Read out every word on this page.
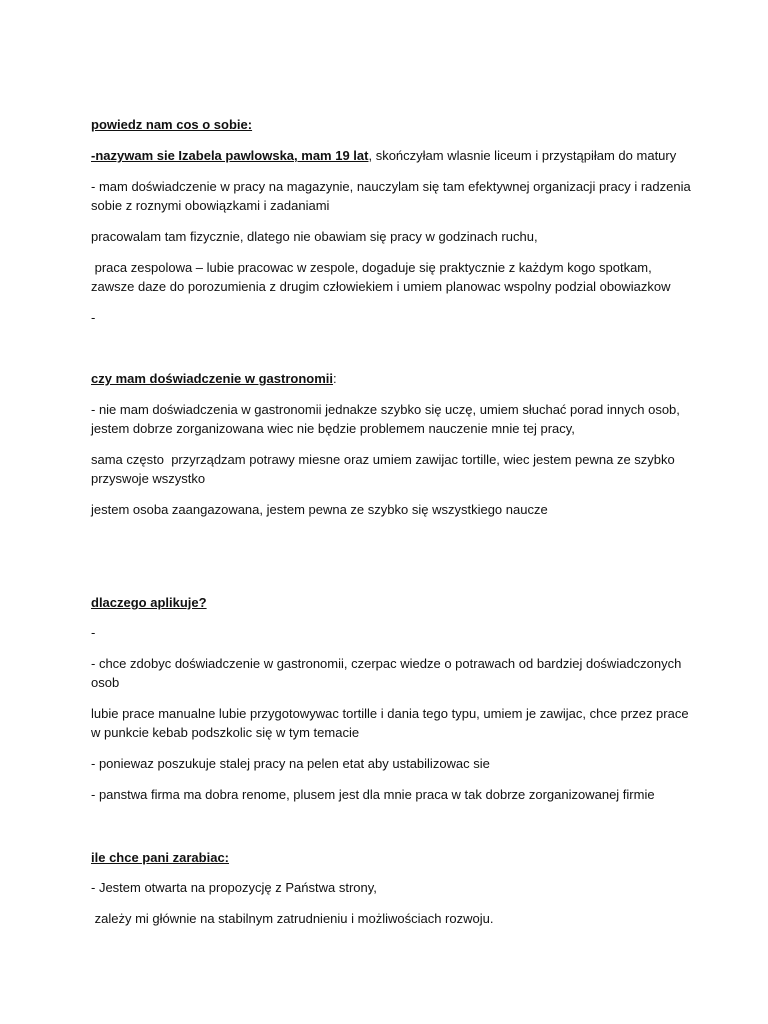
powiedz nam cos o sobie:

-nazywam sie Izabela pawlowska, mam 19 lat, skończyłam wlasnie liceum i przystąpiłam do matury

- mam doświadczenie w pracy na magazynie, nauczylam się tam efektywnej organizacji pracy i radzenia sobie z roznymi obowiązkami i zadaniami

pracowalam tam fizycznie, dlatego nie obawiam się pracy w godzinach ruchu,

praca zespolowa – lubie pracowac w zespole, dogaduje się praktycznie z każdym kogo spotkam, zawsze daze do porozumienia z drugim człowiekiem i umiem planowac wspolny podzial obowiazkow

-

czy mam doświadczenie w gastronomii:

- nie mam doświadczenia w gastronomii jednakze szybko się uczę, umiem słuchać porad innych osob, jestem dobrze zorganizowana wiec nie będzie problemem nauczenie mnie tej pracy,

sama często  przyrządzam potrawy miesne oraz umiem zawijac tortille, wiec jestem pewna ze szybko przyswoje wszystko

jestem osoba zaangazowana, jestem pewna ze szybko się wszystkiego naucze

dlaczego aplikuje?

-

- chce zdobyc doświadczenie w gastronomii, czerpac wiedze o potrawach od bardziej doświadczonych osob

lubie prace manualne lubie przygotowywac tortille i dania tego typu, umiem je zawijac, chce przez prace w punkcie kebab podszkolic się w tym temacie

- poniewaz poszukuje stalej pracy na pelen etat aby ustabilizowac sie

- panstwa firma ma dobra renome, plusem jest dla mnie praca w tak dobrze zorganizowanej firmie

ile chce pani zarabiac:

- Jestem otwarta na propozycję z Państwa strony,

zależy mi głównie na stabilnym zatrudnieniu i możliwościach rozwoju.
